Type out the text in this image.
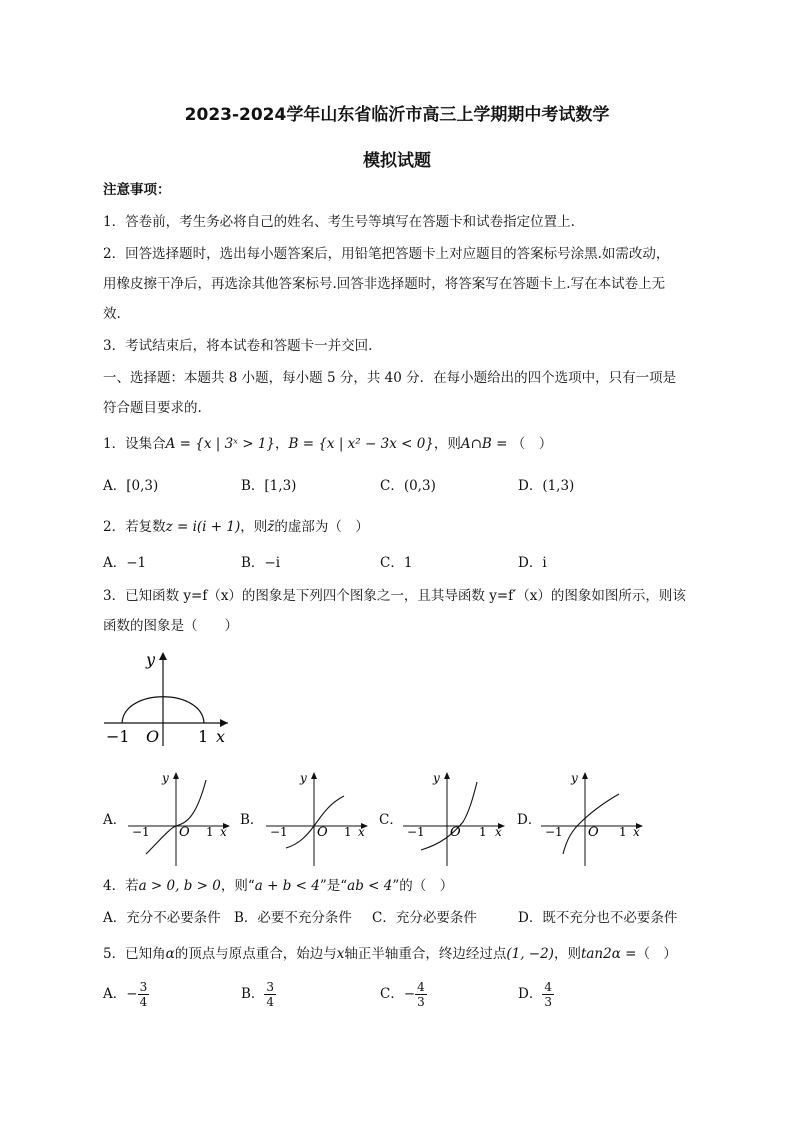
2023-2024学年山东省临沂市高三上学期期中考试数学
模拟试题
注意事项：
1．答卷前，考生务必将自己的姓名、考生号等填写在答题卡和试卷指定位置上.
2．回答选择题时，选出每小题答案后，用铅笔把答题卡上对应题目的答案标号涂黑.如需改动，
用橡皮擦干净后，再选涂其他答案标号.回答非选择题时，将答案写在答题卡上.写在本试卷上无
效.
3．考试结束后，将本试卷和答题卡一并交回.
一、选择题：本题共 8 小题，每小题 5 分，共 40 分．在每小题给出的四个选项中，只有一项是
符合题目要求的.
1．设集合A = {x | 3ˣ > 1}，B = {x | x² − 3x < 0}，则A∩B = （　）
A．[0,3)	B．[1,3)	C．(0,3)	D．(1,3)
2．若复数z = i(i + 1)，则z̄的虚部为（　）
A．−1	B．−i	C．1	D．i
3．已知函数 y=f（x）的图象是下列四个图象之一，且其导函数 y=f′（x）的图象如图所示，则该
函数的图象是（　　）
y
x
O
−1	1
A．	B．	C．	D．
y
x
O
−1	1
y
x
O
−1	1
y
x
O
−1	1
y
x
O
−1	1
4．若a > 0, b > 0，则“a + b < 4”是“ab < 4”的（　）
A．充分不必要条件 B．必要不充分条件 C．充分必要条件	D．既不充分也不必要条件
5．已知角α的顶点与原点重合，始边与x轴正半轴重合，终边经过点(1, −2)，则tan2α =（　）
A．− $\frac{3}{4}$	B． $\frac{3}{4}$	C．− $\frac{4}{3}$	D． $\frac{4}{3}$
